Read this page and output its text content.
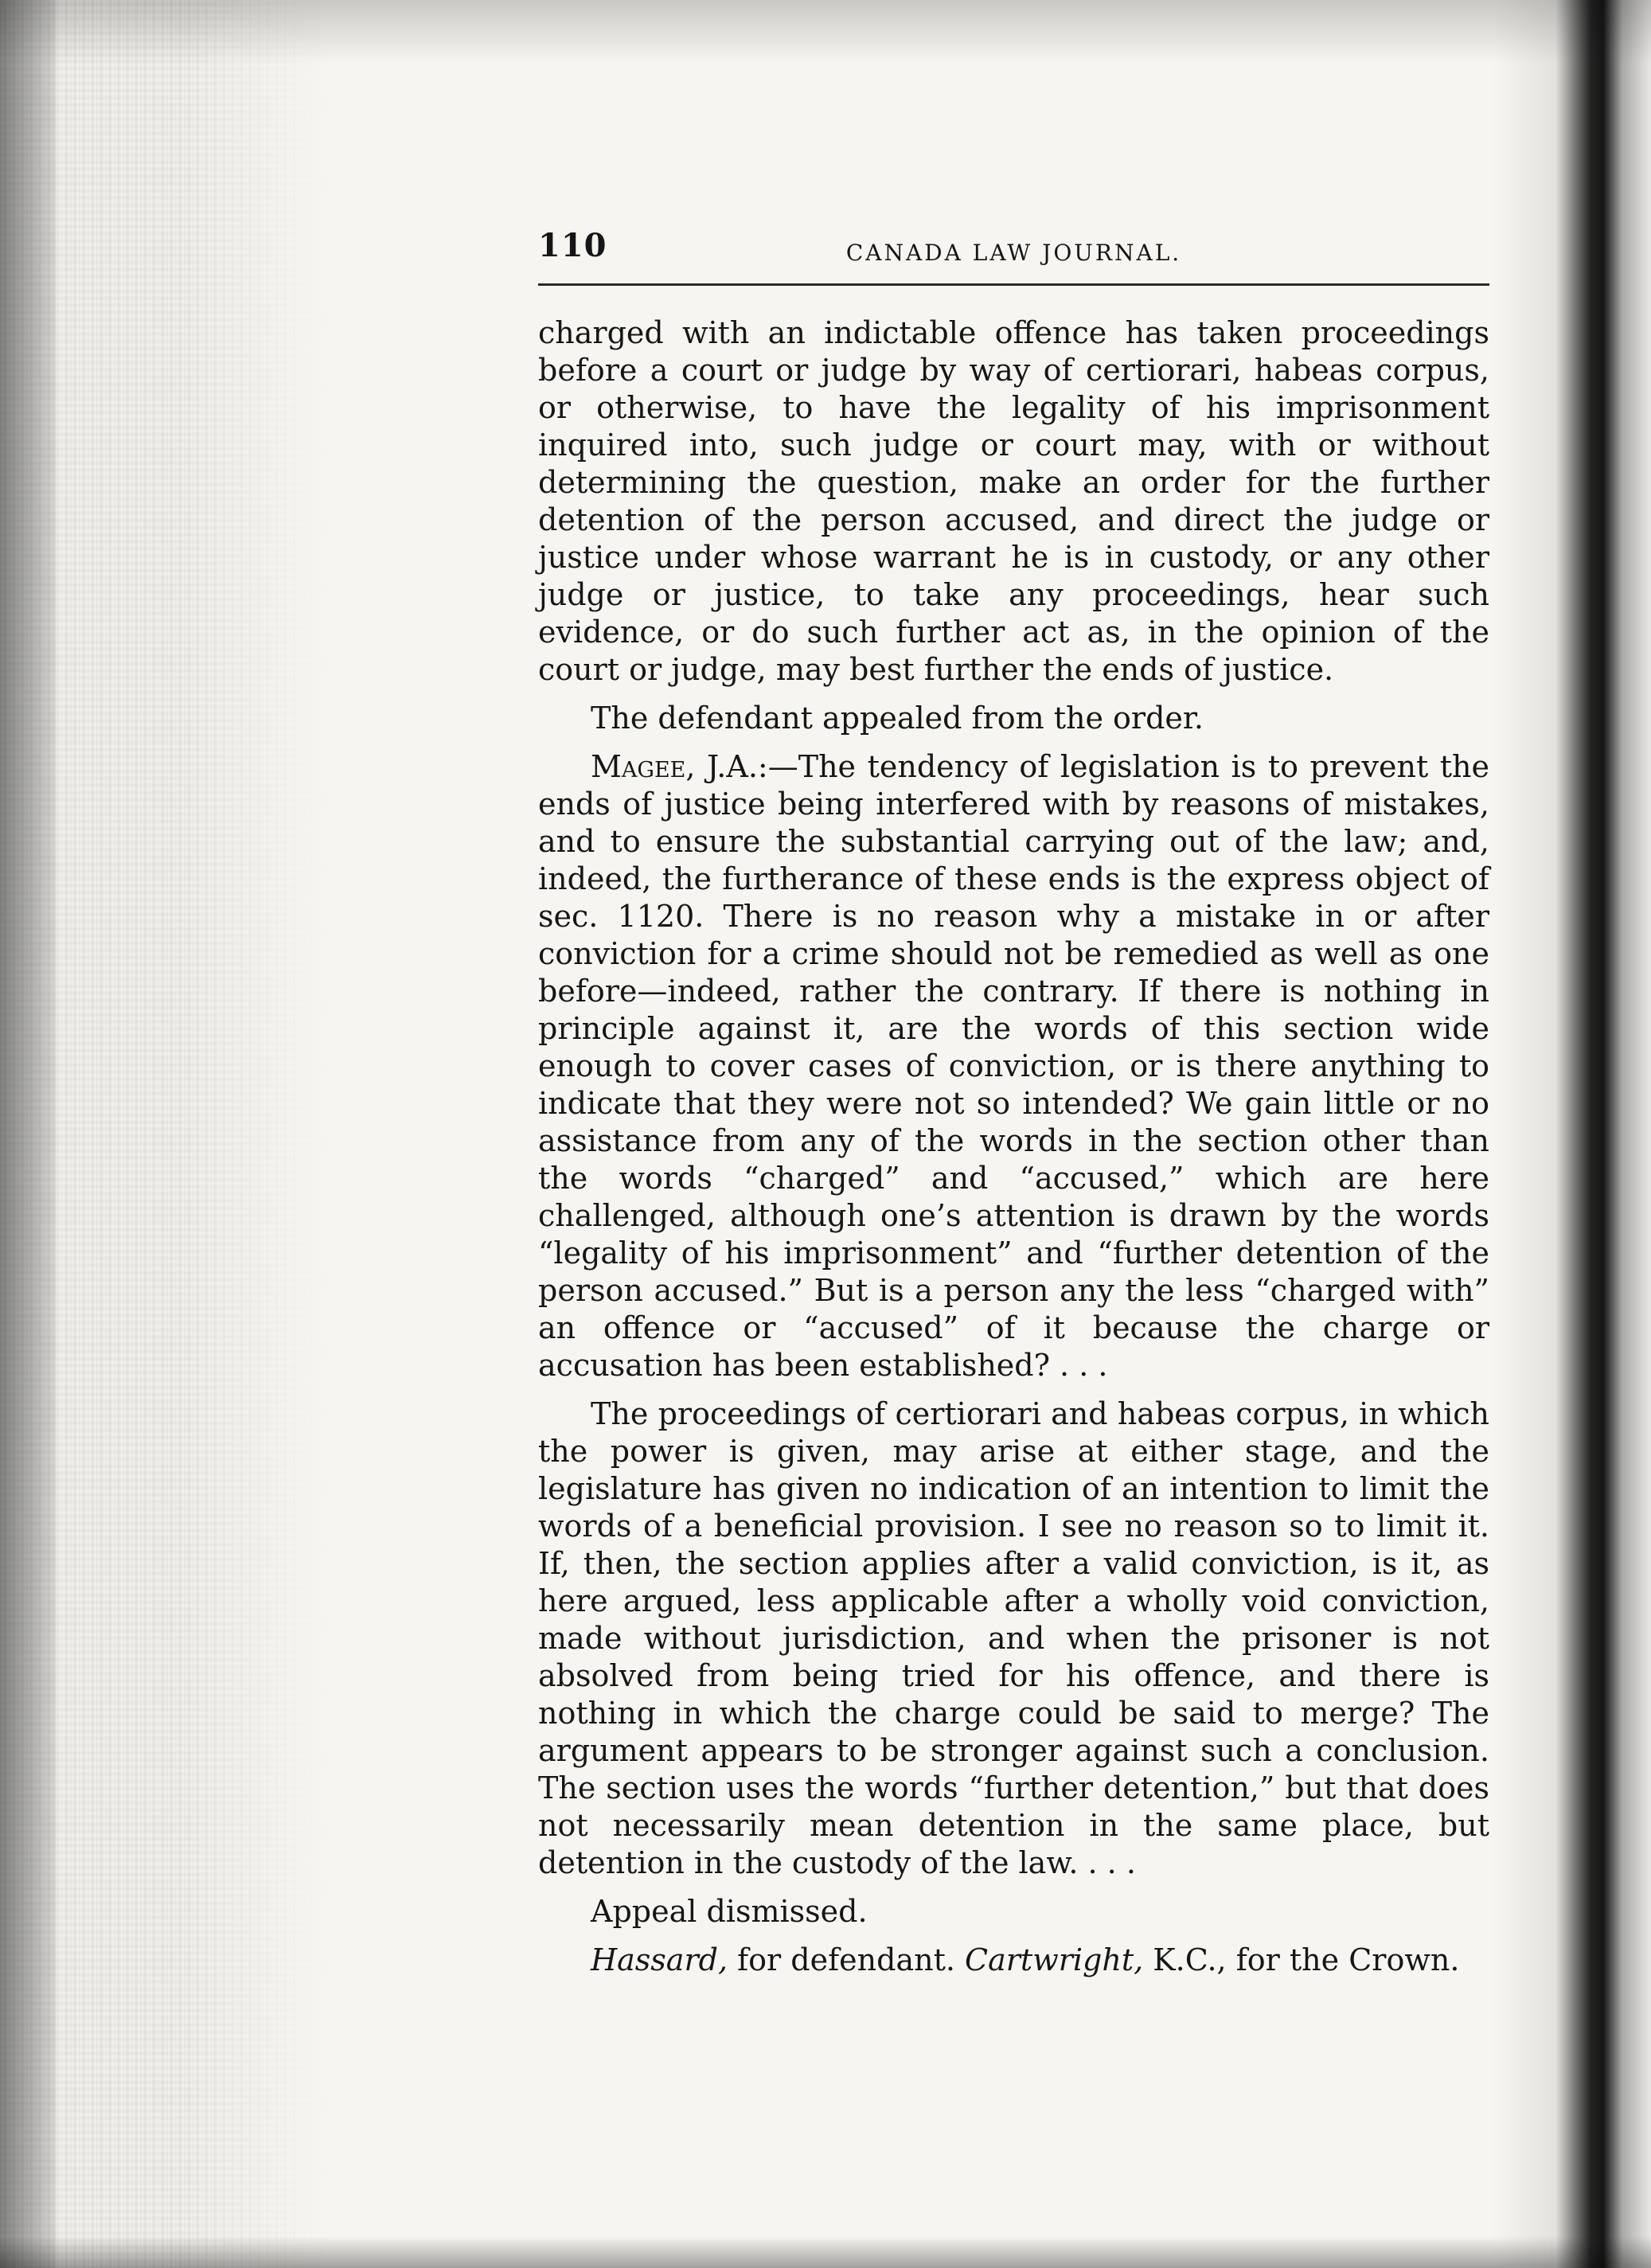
110	CANADA LAW JOURNAL.

charged with an indictable offence has taken proceedings before a court or judge by way of certiorari, habeas corpus, or otherwise, to have the legality of his imprisonment inquired into, such judge or court may, with or without determining the question, make an order for the further detention of the person accused, and direct the judge or justice under whose warrant he is in custody, or any other judge or justice, to take any proceedings, hear such evidence, or do such further act as, in the opinion of the court or judge, may best further the ends of justice.

The defendant appealed from the order.

Magee, J.A.:—The tendency of legislation is to prevent the ends of justice being interfered with by reasons of mistakes, and to ensure the substantial carrying out of the law; and, indeed, the furtherance of these ends is the express object of sec. 1120. There is no reason why a mistake in or after conviction for a crime should not be remedied as well as one before—indeed, rather the contrary. If there is nothing in principle against it, are the words of this section wide enough to cover cases of conviction, or is there anything to indicate that they were not so intended? We gain little or no assistance from any of the words in the section other than the words “charged” and “accused,” which are here challenged, although one’s attention is drawn by the words “legality of his imprisonment” and “further detention of the person accused.” But is a person any the less “charged with” an offence or “accused” of it because the charge or accusation has been established? . . .

The proceedings of certiorari and habeas corpus, in which the power is given, may arise at either stage, and the legislature has given no indication of an intention to limit the words of a beneficial provision. I see no reason so to limit it. If, then, the section applies after a valid conviction, is it, as here argued, less applicable after a wholly void conviction, made without jurisdiction, and when the prisoner is not absolved from being tried for his offence, and there is nothing in which the charge could be said to merge? The argument appears to be stronger against such a conclusion. The section uses the words “further detention,” but that does not necessarily mean detention in the same place, but detention in the custody of the law. . . .

Appeal dismissed.

Hassard, for defendant. Cartwright, K.C., for the Crown.
